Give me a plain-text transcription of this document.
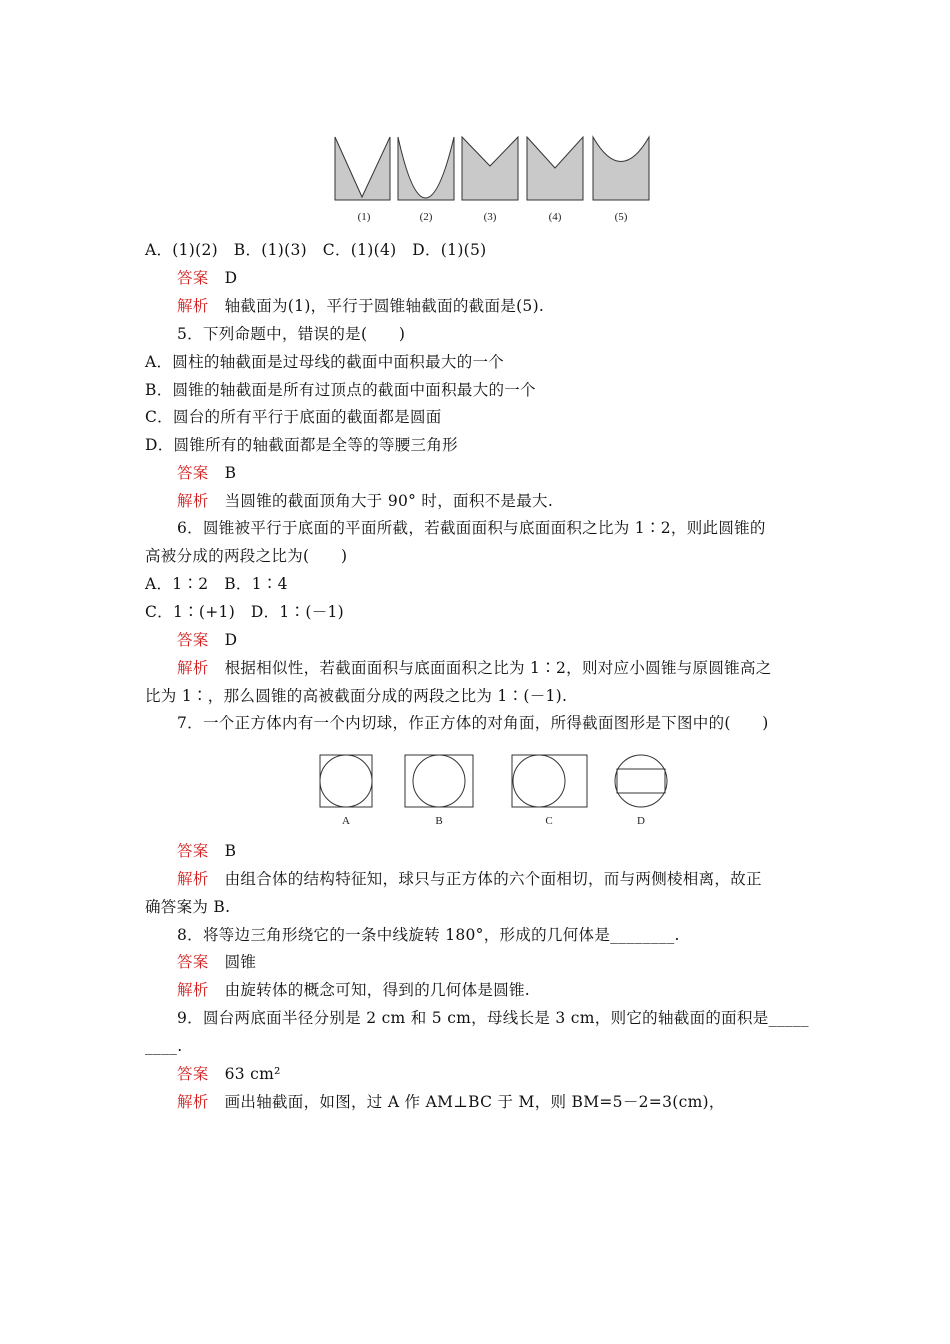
(1)	(2)	(3)	(4)	(5)
A．(1)(2)　B．(1)(3)　C．(1)(4)　D．(1)(5)
答案 D
解析 轴截面为(1)，平行于圆锥轴截面的截面是(5).
5．下列命题中，错误的是(　　)
A．圆柱的轴截面是过母线的截面中面积最大的一个
B．圆锥的轴截面是所有过顶点的截面中面积最大的一个
C．圆台的所有平行于底面的截面都是圆面
D．圆锥所有的轴截面都是全等的等腰三角形
答案 B
解析 当圆锥的截面顶角大于 90° 时，面积不是最大.
6．圆锥被平行于底面的平面所截，若截面面积与底面面积之比为 1∶2，则此圆锥的
高被分成的两段之比为(　　)
A．1∶2　B．1∶4
C．1∶(+1)　D．1∶(－1)
答案 D
解析 根据相似性，若截面面积与底面面积之比为 1∶2，则对应小圆锥与原圆锥高之
比为 1∶，那么圆锥的高被截面分成的两段之比为 1∶(－1).
7．一个正方体内有一个内切球，作正方体的对角面，所得截面图形是下图中的(　　)
A	B	C	D
答案 B
解析 由组合体的结构特征知，球只与正方体的六个面相切，而与两侧棱相离，故正
确答案为 B.
8．将等边三角形绕它的一条中线旋转 180°，形成的几何体是________.
答案 圆锥
解析 由旋转体的概念可知，得到的几何体是圆锥.
9．圆台两底面半径分别是 2 cm 和 5 cm，母线长是 3 cm，则它的轴截面的面积是_____
____.
答案 63 cm²
解析 画出轴截面，如图，过 A 作 AM⊥BC 于 M，则 BM=5－2=3(cm)，
